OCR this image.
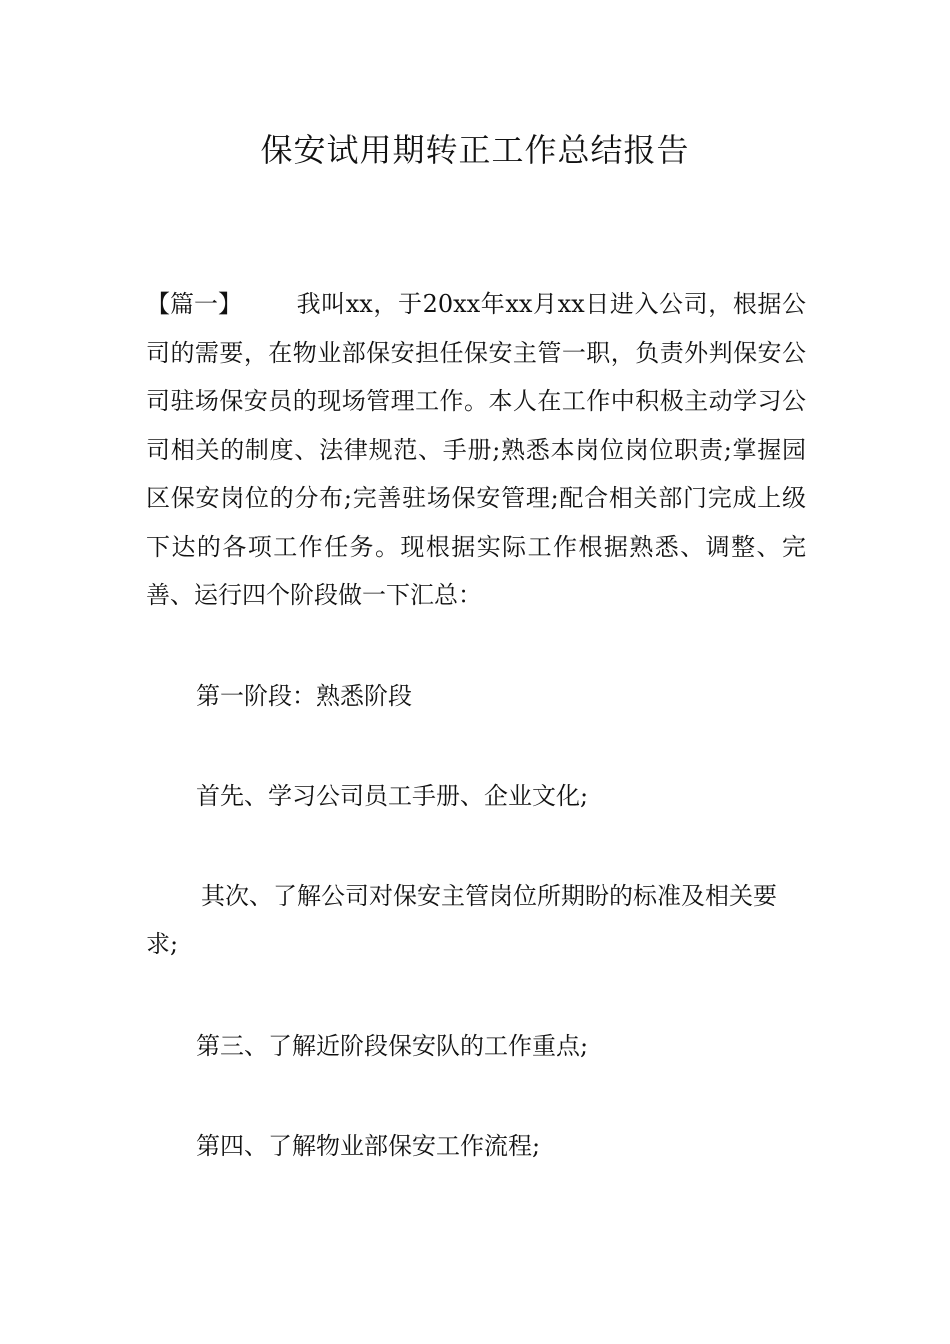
保安试用期转正工作总结报告

【篇一】 我叫xx，于20xx年xx月xx日进入公司，根据公司的需要，在物业部保安担任保安主管一职，负责外判保安公司驻场保安员的现场管理工作。本人在工作中积极主动学习公司相关的制度、法律规范、手册;熟悉本岗位岗位职责;掌握园区保安岗位的分布;完善驻场保安管理;配合相关部门完成上级下达的各项工作任务。现根据实际工作根据熟悉、调整、完善、运行四个阶段做一下汇总：

第一阶段：熟悉阶段

首先、学习公司员工手册、企业文化;

其次、了解公司对保安主管岗位所期盼的标准及相关要求;

第三、了解近阶段保安队的工作重点;

第四、了解物业部保安工作流程;
